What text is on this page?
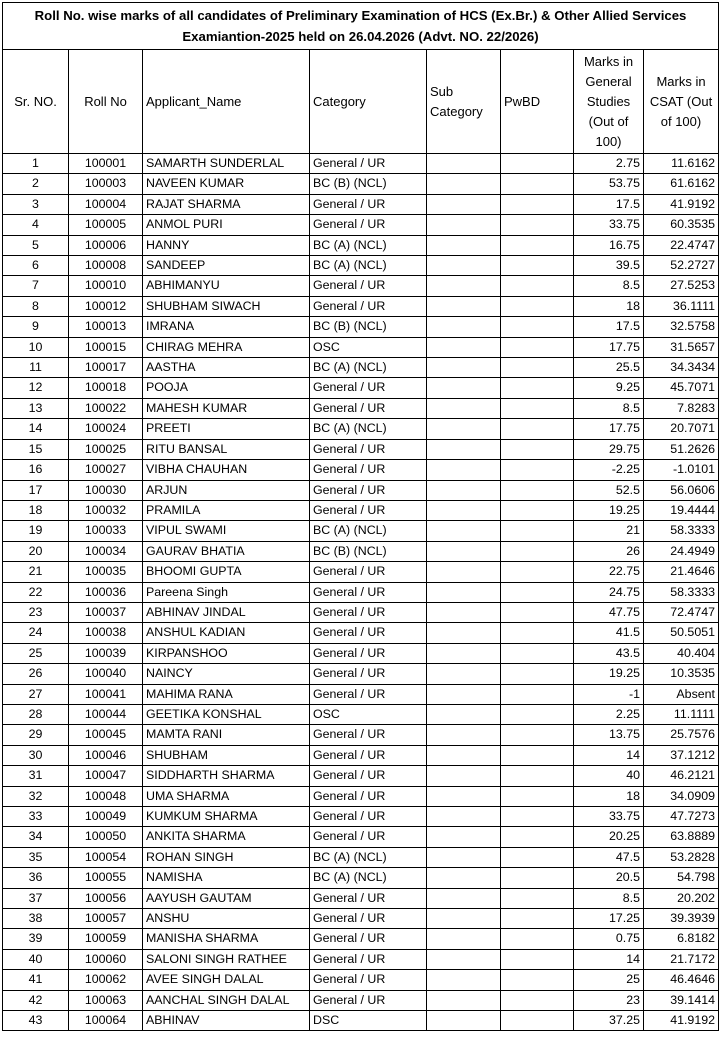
Roll No. wise marks of all candidates of Preliminary Examination of HCS (Ex.Br.) & Other Allied Services
Examiantion-2025 held on 26.04.2026 (Advt. NO. 22/2026)							
Sr. NO.	Roll No	Applicant_Name	Category	Sub Category	PwBD	Marks in General Studies (Out of 100)	Marks in CSAT (Out of 100)
1	100001	SAMARTH SUNDERLAL	General / UR			2.75	11.6162
2	100003	NAVEEN KUMAR	BC (B) (NCL)			53.75	61.6162
3	100004	RAJAT SHARMA	General / UR			17.5	41.9192
4	100005	ANMOL PURI	General / UR			33.75	60.3535
5	100006	HANNY	BC (A) (NCL)			16.75	22.4747
6	100008	SANDEEP	BC (A) (NCL)			39.5	52.2727
7	100010	ABHIMANYU	General / UR			8.5	27.5253
8	100012	SHUBHAM SIWACH	General / UR			18	36.1111
9	100013	IMRANA	BC (B) (NCL)			17.5	32.5758
10	100015	CHIRAG MEHRA	OSC			17.75	31.5657
11	100017	AASTHA	BC (A) (NCL)			25.5	34.3434
12	100018	POOJA	General / UR			9.25	45.7071
13	100022	MAHESH KUMAR	General / UR			8.5	7.8283
14	100024	PREETI	BC (A) (NCL)			17.75	20.7071
15	100025	RITU BANSAL	General / UR			29.75	51.2626
16	100027	VIBHA CHAUHAN	General / UR			-2.25	-1.0101
17	100030	ARJUN	General / UR			52.5	56.0606
18	100032	PRAMILA	General / UR			19.25	19.4444
19	100033	VIPUL SWAMI	BC (A) (NCL)			21	58.3333
20	100034	GAURAV BHATIA	BC (B) (NCL)			26	24.4949
21	100035	BHOOMI GUPTA	General / UR			22.75	21.4646
22	100036	Pareena Singh	General / UR			24.75	58.3333
23	100037	ABHINAV JINDAL	General / UR			47.75	72.4747
24	100038	ANSHUL KADIAN	General / UR			41.5	50.5051
25	100039	KIRPANSHOO	General / UR			43.5	40.404
26	100040	NAINCY	General / UR			19.25	10.3535
27	100041	MAHIMA RANA	General / UR			-1	Absent
28	100044	GEETIKA KONSHAL	OSC			2.25	11.1111
29	100045	MAMTA RANI	General / UR			13.75	25.7576
30	100046	SHUBHAM	General / UR			14	37.1212
31	100047	SIDDHARTH SHARMA	General / UR			40	46.2121
32	100048	UMA SHARMA	General / UR			18	34.0909
33	100049	KUMKUM SHARMA	General / UR			33.75	47.7273
34	100050	ANKITA SHARMA	General / UR			20.25	63.8889
35	100054	ROHAN SINGH	BC (A) (NCL)			47.5	53.2828
36	100055	NAMISHA	BC (A) (NCL)			20.5	54.798
37	100056	AAYUSH GAUTAM	General / UR			8.5	20.202
38	100057	ANSHU	General / UR			17.25	39.3939
39	100059	MANISHA SHARMA	General / UR			0.75	6.8182
40	100060	SALONI SINGH RATHEE	General / UR			14	21.7172
41	100062	AVEE SINGH DALAL	General / UR			25	46.4646
42	100063	AANCHAL SINGH DALAL	General / UR			23	39.1414
43	100064	ABHINAV	DSC			37.25	41.9192
